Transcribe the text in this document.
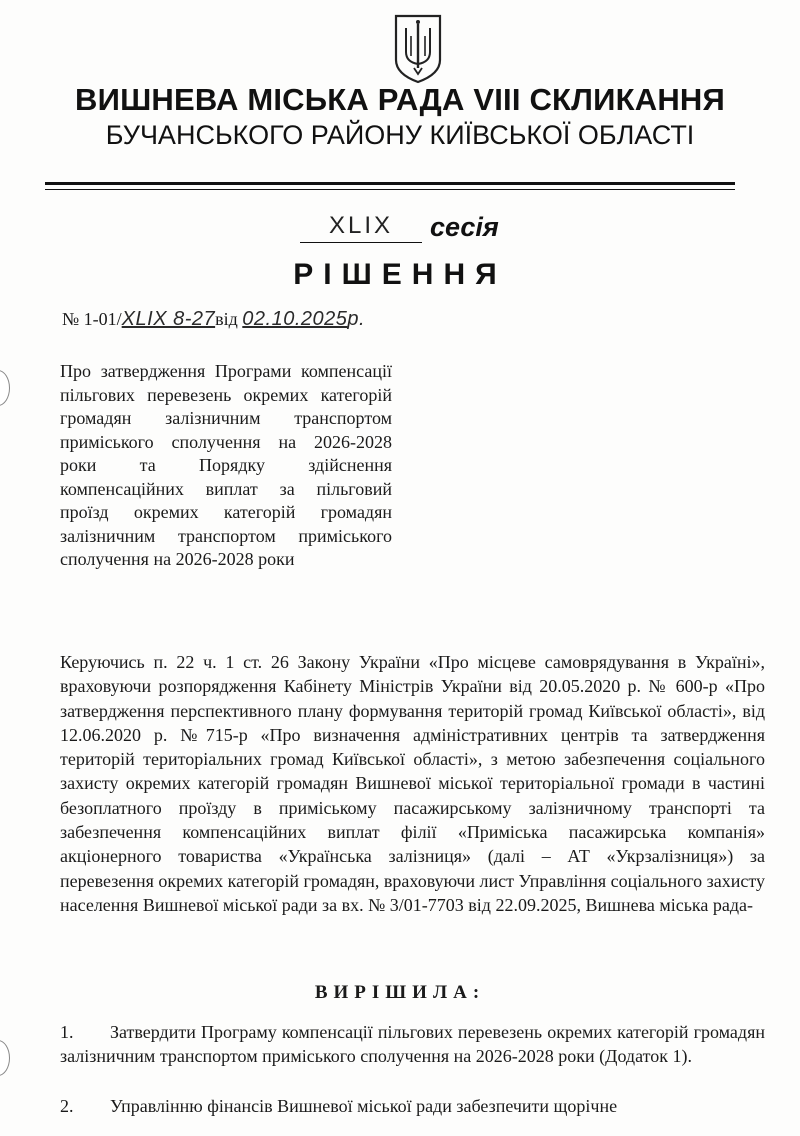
ВИШНЕВА МІСЬКА РАДА VIII СКЛИКАННЯ
БУЧАНСЬКОГО РАЙОНУ КИЇВСЬКОЇ ОБЛАСТІ
XLIX	сесія
РІШЕННЯ
№ 1-01/XLIX 8-27від 02.10.2025р.
Про затвердження Програми компенсації пільгових перевезень окремих категорій громадян залізничним транспортом приміського сполучення на 2026-2028 роки та Порядку здійснення компенсаційних виплат за пільговий проїзд окремих категорій громадян залізничним транспортом приміського сполучення на 2026-2028 роки
Керуючись п. 22 ч. 1 ст. 26 Закону України «Про місцеве самоврядування в Україні», враховуючи розпорядження Кабінету Міністрів України від 20.05.2020 р. № 600-р «Про затвердження перспективного плану формування територій громад Київської області», від 12.06.2020 р. №715-р «Про визначення адміністративних центрів та затвердження територій територіальних громад Київської області», з метою забезпечення соціального захисту окремих категорій громадян Вишневої міської територіальної громади в частині безоплатного проїзду в приміському пасажирському залізничному транспорті та забезпечення компенсаційних виплат філії «Приміська пасажирська компанія» акціонерного товариства «Українська залізниця» (далі – АТ «Укрзалізниця») за перевезення окремих категорій громадян, враховуючи лист Управління соціального захисту населення Вишневої міської ради за вх. № 3/01-7703 від 22.09.2025, Вишнева міська рада-
ВИРІШИЛА:
1. Затвердити Програму компенсації пільгових перевезень окремих категорій громадян залізничним транспортом приміського сполучення на 2026-2028 роки (Додаток 1).
2. Управлінню фінансів Вишневої міської ради забезпечити щорічне
